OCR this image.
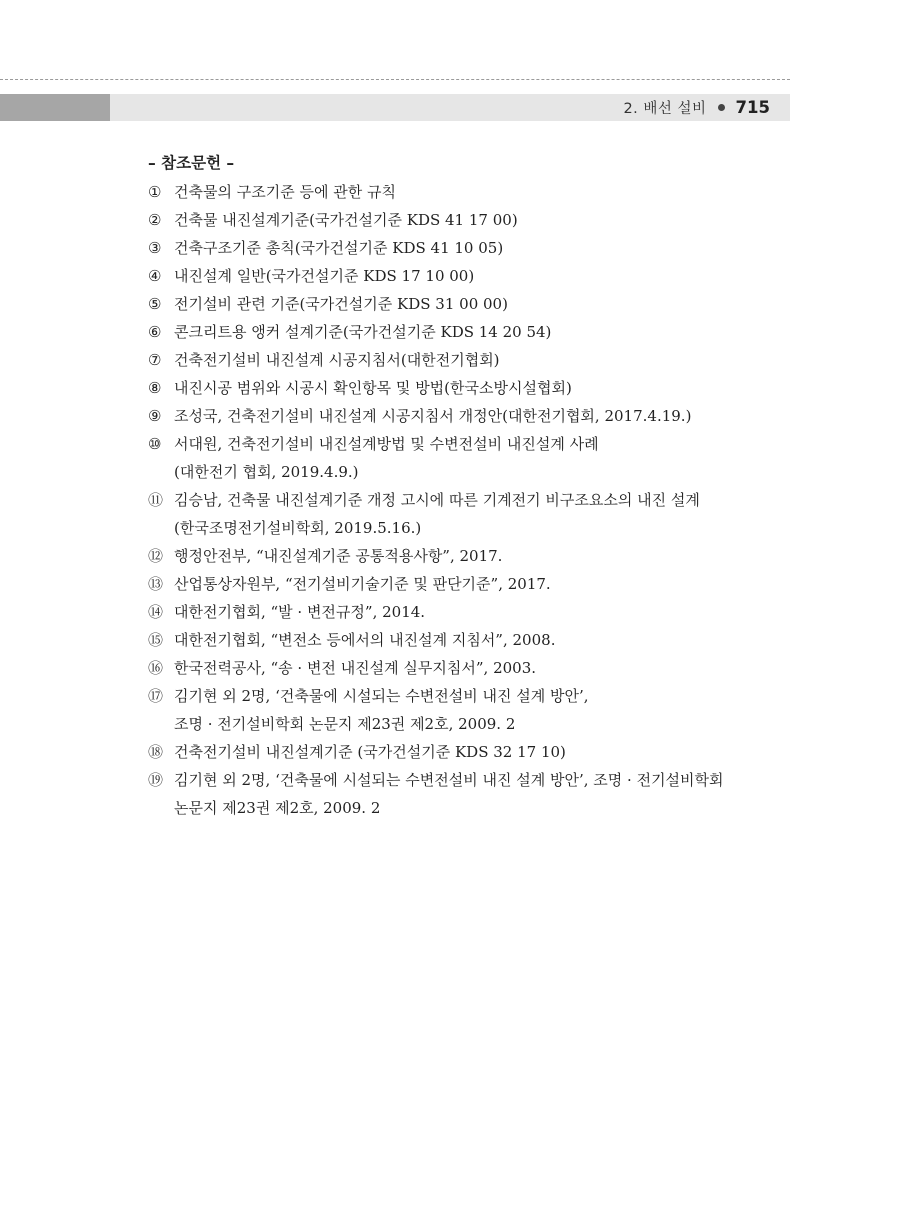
2. 배선 설비 715
– 참조문헌 –
① 건축물의 구조기준 등에 관한 규칙
② 건축물 내진설계기준(국가건설기준 KDS 41 17 00)
③ 건축구조기준 총칙(국가건설기준 KDS 41 10 05)
④ 내진설계 일반(국가건설기준 KDS 17 10 00)
⑤ 전기설비 관련 기준(국가건설기준 KDS 31 00 00)
⑥ 콘크리트용 앵커 설계기준(국가건설기준 KDS 14 20 54)
⑦ 건축전기설비 내진설계 시공지침서(대한전기협회)
⑧ 내진시공 범위와 시공시 확인항목 및 방법(한국소방시설협회)
⑨ 조성국, 건축전기설비 내진설계 시공지침서 개정안(대한전기협회, 2017.4.19.)
⑩ 서대원, 건축전기설비 내진설계방법 및 수변전설비 내진설계 사례
(대한전기 협회, 2019.4.9.)
⑪ 김승남, 건축물 내진설계기준 개정 고시에 따른 기계전기 비구조요소의 내진 설계
(한국조명전기설비학회, 2019.5.16.)
⑫ 행정안전부, “내진설계기준 공통적용사항”, 2017.
⑬ 산업통상자원부, “전기설비기술기준 및 판단기준”, 2017.
⑭ 대한전기협회, “발 · 변전규정”, 2014.
⑮ 대한전기협회, “변전소 등에서의 내진설계 지침서”, 2008.
⑯ 한국전력공사, “송 · 변전 내진설계 실무지침서”, 2003.
⑰ 김기현 외 2명, ‘건축물에 시설되는 수변전설비 내진 설계 방안’,
조명 · 전기설비학회 논문지 제23권 제2호, 2009. 2
⑱ 건축전기설비 내진설계기준 (국가건설기준 KDS 32 17 10)
⑲ 김기현 외 2명, ‘건축물에 시설되는 수변전설비 내진 설계 방안’, 조명 · 전기설비학회
논문지 제23권 제2호, 2009. 2
